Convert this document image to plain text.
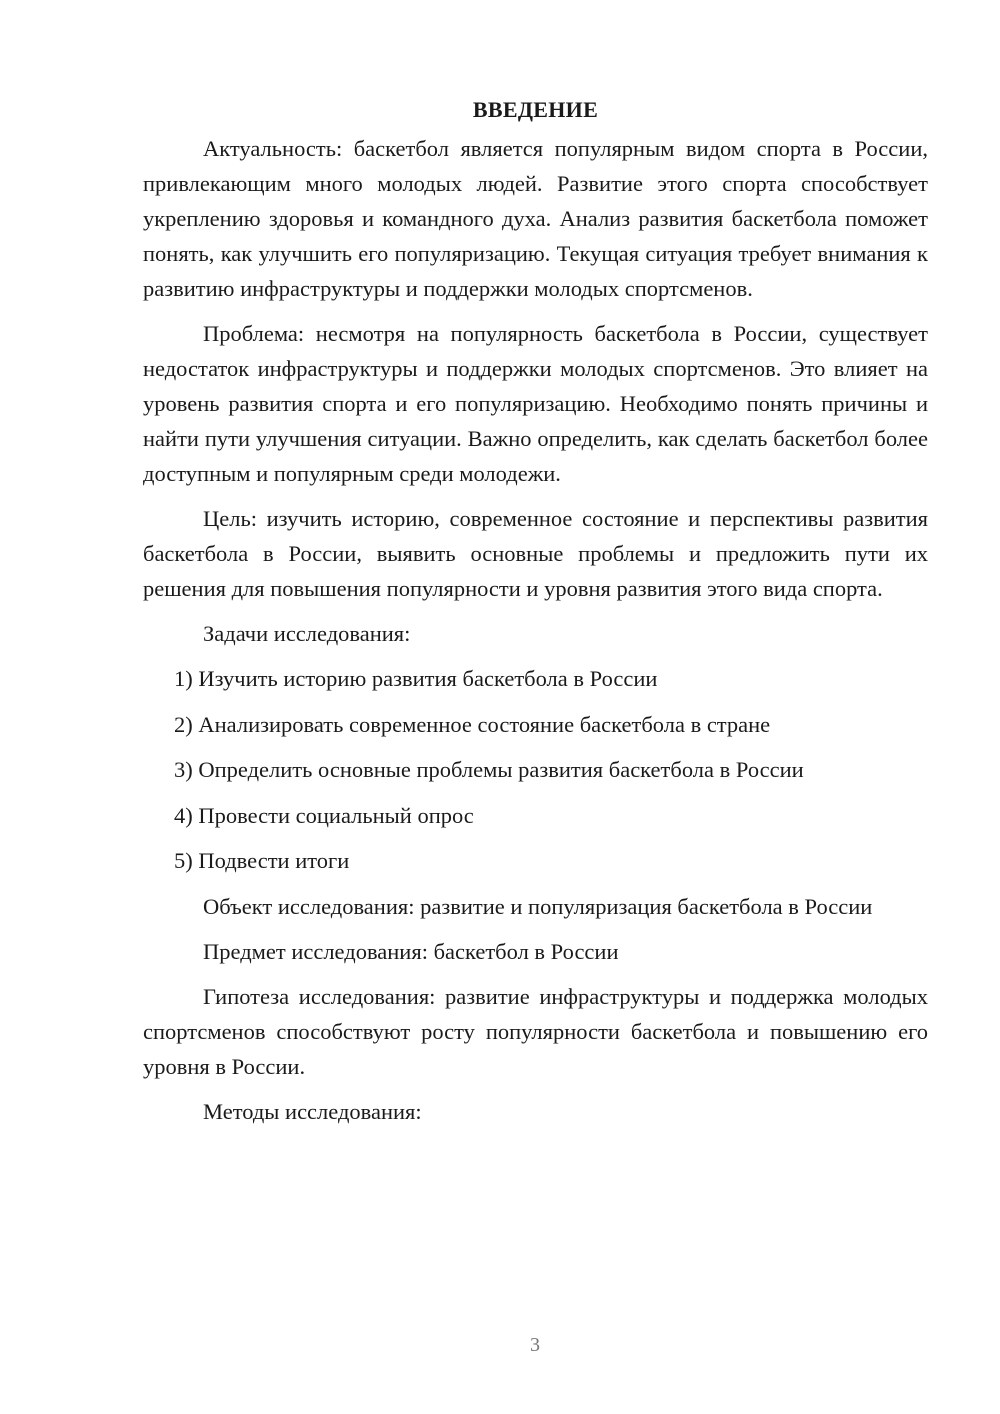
ВВЕДЕНИЕ

Актуальность: баскетбол является популярным видом спорта в России, привлекающим много молодых людей. Развитие этого спорта способствует укреплению здоровья и командного духа. Анализ развития баскетбола поможет понять, как улучшить его популяризацию. Текущая ситуация требует внимания к развитию инфраструктуры и поддержки молодых спортсменов.

Проблема: несмотря на популярность баскетбола в России, существует недостаток инфраструктуры и поддержки молодых спортсменов. Это влияет на уровень развития спорта и его популяризацию. Необходимо понять причины и найти пути улучшения ситуации. Важно определить, как сделать баскетбол более доступным и популярным среди молодежи.

Цель: изучить историю, современное состояние и перспективы развития баскетбола в России, выявить основные проблемы и предложить пути их решения для повышения популярности и уровня развития этого вида спорта.

Задачи исследования:

1) Изучить историю развития баскетбола в России

2) Анализировать современное состояние баскетбола в стране

3) Определить основные проблемы развития баскетбола в России

4) Провести социальный опрос

5) Подвести итоги

Объект исследования: развитие и популяризация баскетбола в России

Предмет исследования: баскетбол в России

Гипотеза исследования: развитие инфраструктуры и поддержка молодых спортсменов способствуют росту популярности баскетбола и повышению его уровня в России.

Методы исследования:

3
